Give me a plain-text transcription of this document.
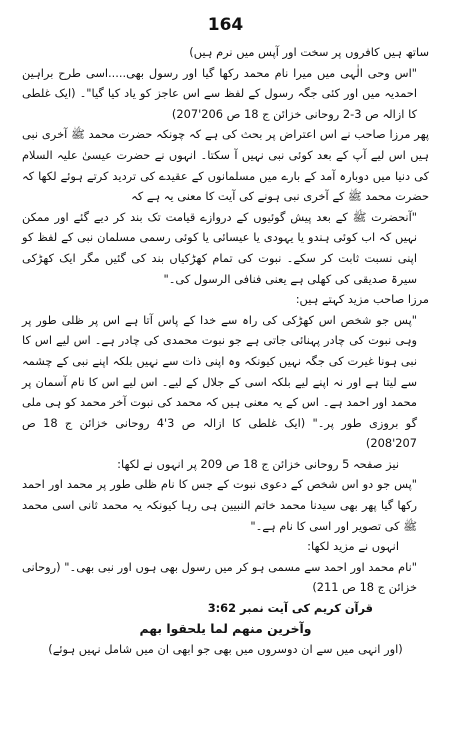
164

ساتھ ہیں کافروں پر سخت اور آپس میں نرم ہیں)

"اس وحی الٰہی میں میرا نام محمد رکھا گیا اور رسول بھی.....اسی طرح براہین احمدیہ میں اور کئی جگہ رسول کے لفظ سے اس عاجز کو یاد کیا گیا"۔ (ایک غلطی کا ازالہ ص 3-2 روحانی خزائن ج 18 ص 206'207)

پھر مرزا صاحب نے اس اعتراض پر بحث کی ہے کہ چونکہ حضرت محمد ﷺ آخری نبی ہیں اس لیے آپ کے بعد کوئی نبی نہیں آ سکتا۔ انہوں نے حضرت عیسیٰ علیہ السلام کی دنیا میں دوبارہ آمد کے بارے میں مسلمانوں کے عقیدے کی تردید کرتے ہوئے لکھا کہ حضرت محمد ﷺ کے آخری نبی ہونے کی آیت کا معنی یہ ہے کہ

"آنحضرت ﷺ کے بعد پیش گوئیوں کے دروازے قیامت تک بند کر دیے گئے اور ممکن نہیں کہ اب کوئی ہندو یا یہودی یا عیسائی یا کوئی رسمی مسلمان نبی کے لفظ کو اپنی نسبت ثابت کر سکے۔ نبوت کی تمام کھڑکیاں بند کی گئیں مگر ایک کھڑکی سیرۃ صدیقی کی کھلی ہے یعنی فنافی الرسول کی۔"

مرزا صاحب مزید کہتے ہیں:

"پس جو شخص اس کھڑکی کی راہ سے خدا کے پاس آتا ہے اس پر ظلی طور پر وہی نبوت کی چادر پہنائی جاتی ہے جو نبوت محمدی کی چادر ہے۔ اس لیے اس کا نبی ہونا غیرت کی جگہ نہیں کیونکہ وہ اپنی ذات سے نہیں بلکہ اپنے نبی کے چشمہ سے لیتا ہے اور نہ اپنے لیے بلکہ اسی کے جلال کے لیے۔ اس لیے اس کا نام آسمان پر محمد اور احمد ہے۔ اس کے یہ معنی ہیں کہ محمد کی نبوت آخر محمد کو ہی ملی گو بروزی طور پر۔" (ایک غلطی کا ازالہ ص 3'4 روحانی خزائن ج 18 ص 207'208)

نیز صفحہ 5 روحانی خزائن ج 18 ص 209 پر انہوں نے لکھا:

"پس جو دو اس شخص کے دعوی نبوت کے جس کا نام ظلی طور پر محمد اور احمد رکھا گیا پھر بھی سیدنا محمد خاتم النبیین ہی رہا کیونکہ یہ محمد ثانی اسی محمد ﷺ کی تصویر اور اسی کا نام ہے۔"

انہوں نے مزید لکھا:

"نام محمد اور احمد سے مسمی ہو کر میں رسول بھی ہوں اور نبی بھی۔" (روحانی خزائن ج 18 ص 211)

قرآن کریم کی آیت نمبر 3:62

وآخرین منھم لما یلحقوا بھم

(اور انہی میں سے ان دوسروں میں بھی جو ابھی ان میں شامل نہیں ہوئے)
